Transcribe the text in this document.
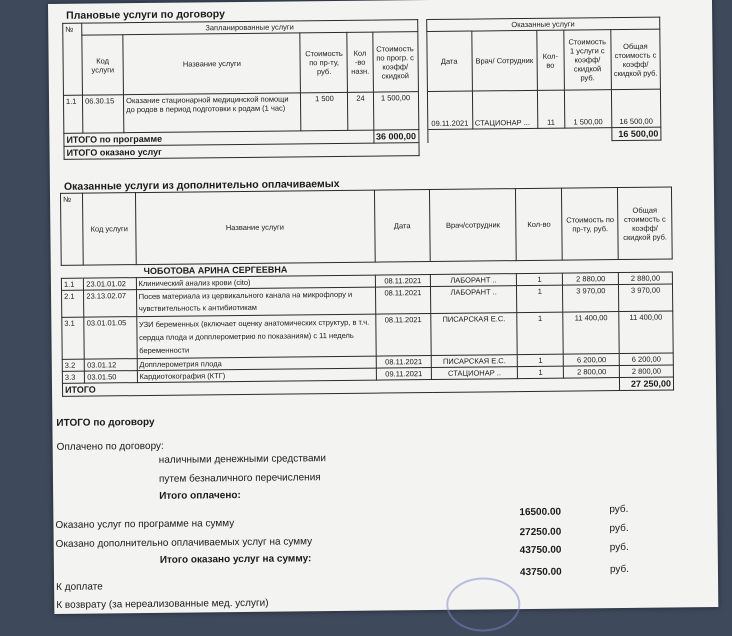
Плановые услуги по договору
№	Запланированные услуги						Оказанные услуги				
	Код услуги	Название услуги	Стоимость по пр-ту, руб.	Кол -во назн.	Стоимость по прогр. с коэфф/ скидкой		Дата	Врач/ Сотрудник	Кол- во	Стоимость 1 услуги с коэфф/ скидкой руб.	Общая стоимость с коэфф/ скидкой руб.
1.1	06.30.15	Оказание стационарной медицинской помощи до родов в период подготовки к родам (1 час)	1 500	24	1 500,00		09.11.2021	СТАЦИОНАР ...	11	1 500,00	16 500,00
ИТОГО по программе					36 000,00						16 500,00
ИТОГО оказано услуг											
Оказанные услуги из дополнительно оплачиваемых
№	Код услуги	Название услуги	Дата	Врач/сотрудник	Кол-во	Стоимость по пр-ту, руб.	Общая стоимость с коэфф/ скидкой руб.
	ЧОБОТОВА АРИНА СЕРГЕЕВНА						
1.1	23.01.01.02	Клинический анализ крови (cito)	08.11.2021	ЛАБОРАНТ ..	1	2 880,00	2 880,00
2.1	23.13.02.07	Посев материала из цервикального канала на микрофлору и чувствительность к антибиотикам	08.11.2021	ЛАБОРАНТ ..	1	3 970,00	3 970,00
3.1	03.01.01.05	УЗИ беременных (включает оценку анатомических структур, в т.ч. сердца плода и допплерометрию по показаниям) с 11 недель беременности	08.11.2021	ПИСАРСКАЯ Е.С.	1	11 400,00	11 400,00
3.2	03.01.12	Допплерометрия плода	08.11.2021	ПИСАРСКАЯ Е.С.	1	6 200,00	6 200,00
3.3	03.01.50	Кардиотокография (КТГ)	09.11.2021	СТАЦИОНАР ..	1	2 800,00	2 800,00
ИТОГО							27 250,00
ИТОГО по договору
Оплачено по договору:
наличными денежными средствами
путем безналичного перечисления
Итого оплачено:
Оказано услуг по программе на сумму
16500.00	руб.
Оказано дополнительно оплачиваемых услуг на сумму
27250.00	руб.
Итого оказано услуг на сумму:
43750.00	руб.
К доплате
43750.00	руб.
К возврату (за нереализованные мед. услуги)
